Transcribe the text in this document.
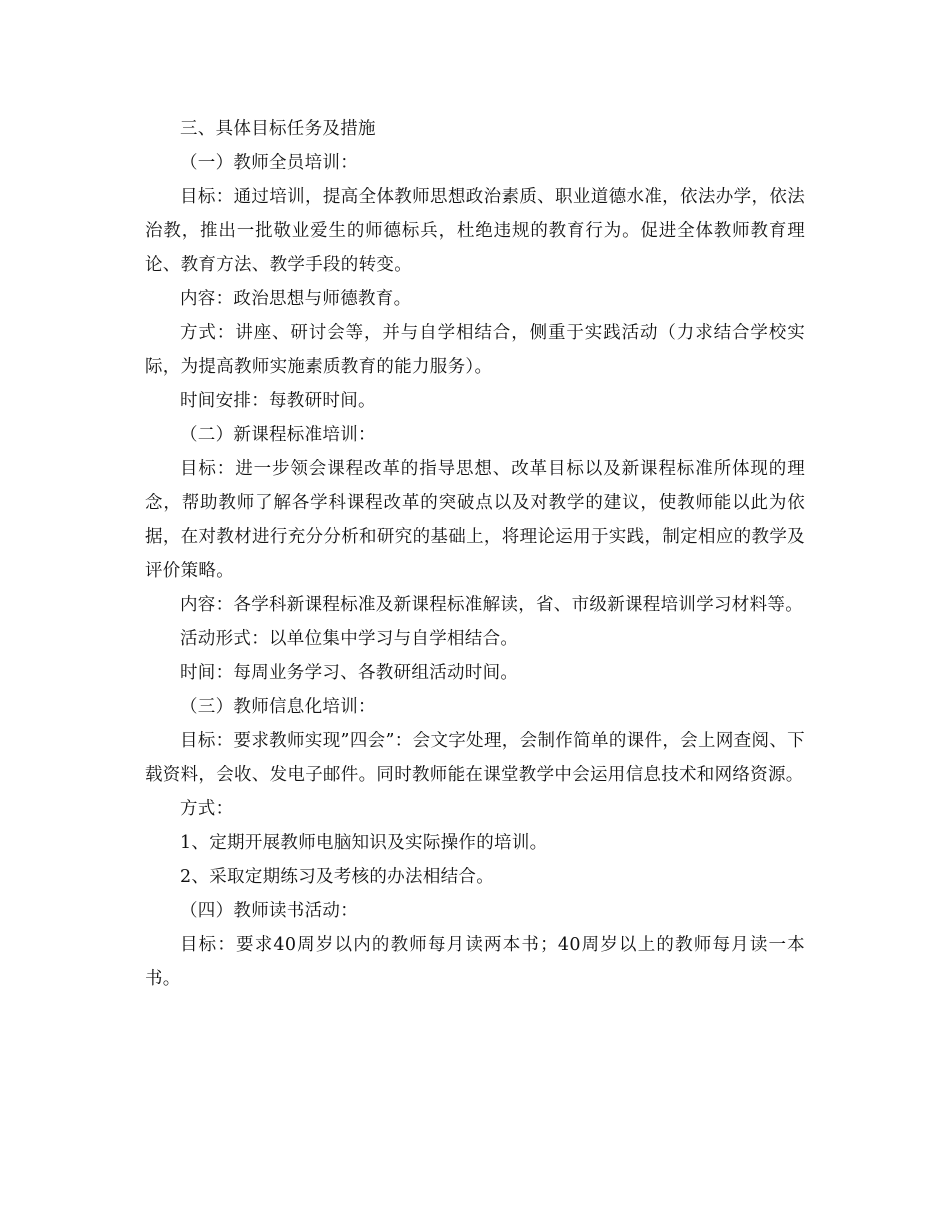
三、具体目标任务及措施

（一）教师全员培训：

目标：通过培训，提高全体教师思想政治素质、职业道德水准，依法办学，依法治教，推出一批敬业爱生的师德标兵，杜绝违规的教育行为。促进全体教师教育理论、教育方法、教学手段的转变。

内容：政治思想与师德教育。

方式：讲座、研讨会等，并与自学相结合，侧重于实践活动（力求结合学校实际，为提高教师实施素质教育的能力服务）。

时间安排：每教研时间。

（二）新课程标准培训：

目标：进一步领会课程改革的指导思想、改革目标以及新课程标准所体现的理念，帮助教师了解各学科课程改革的突破点以及对教学的建议，使教师能以此为依据，在对教材进行充分分析和研究的基础上，将理论运用于实践，制定相应的教学及评价策略。

内容：各学科新课程标准及新课程标准解读，省、市级新课程培训学习材料等。

活动形式：以单位集中学习与自学相结合。

时间：每周业务学习、各教研组活动时间。

（三）教师信息化培训：

目标：要求教师实现”四会”：会文字处理，会制作简单的课件，会上网查阅、下载资料，会收、发电子邮件。同时教师能在课堂教学中会运用信息技术和网络资源。

方式：

1、定期开展教师电脑知识及实际操作的培训。

2、采取定期练习及考核的办法相结合。

（四）教师读书活动：

目标：要求40周岁以内的教师每月读两本书；40周岁以上的教师每月读一本书。
